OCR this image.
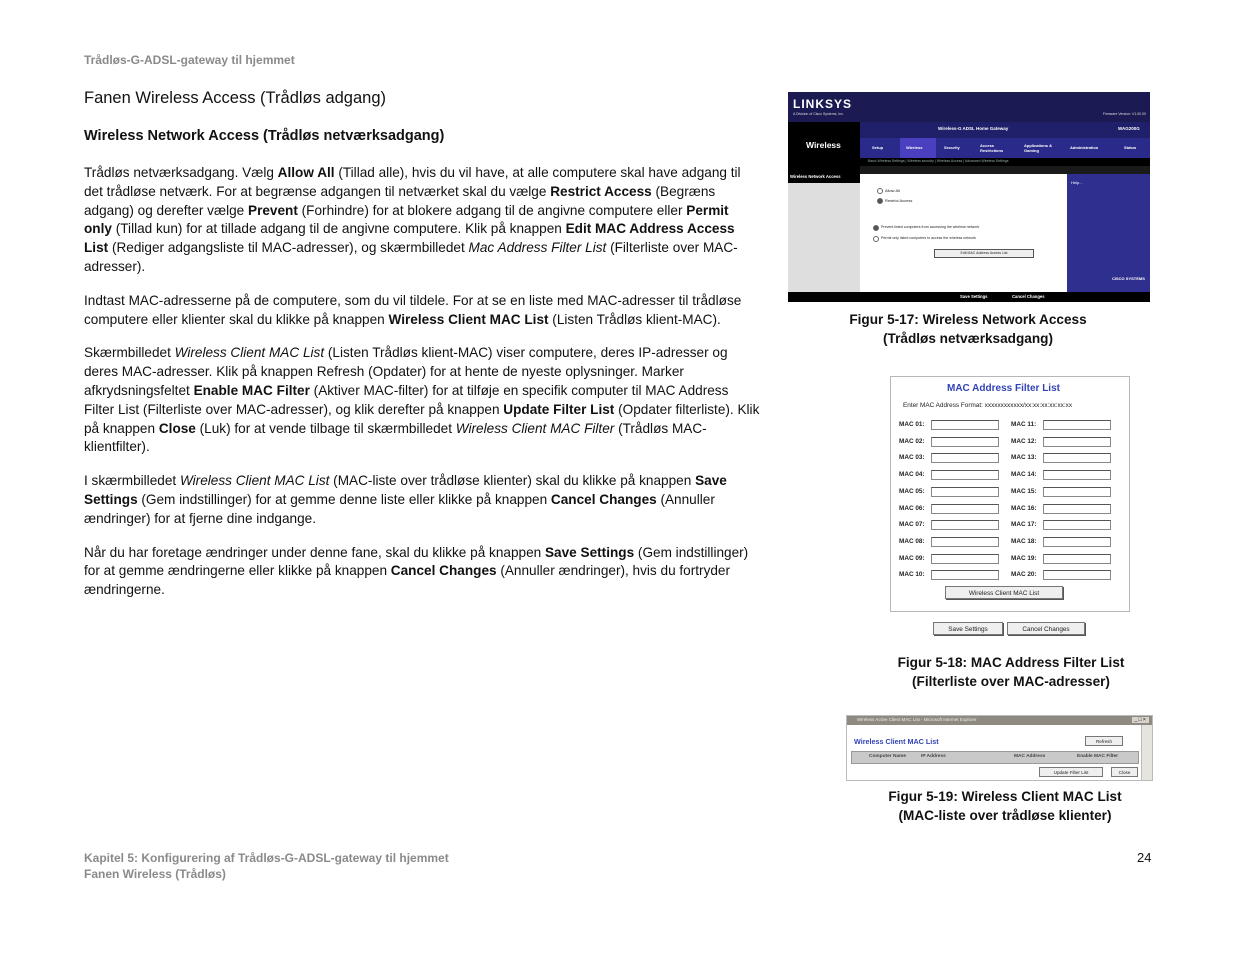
Trådløs-G-ADSL-gateway til hjemmet
Fanen Wireless Access (Trådløs adgang)
Wireless Network Access (Trådløs netværksadgang)

Trådløs netværksadgang. Vælg Allow All (Tillad alle), hvis du vil have, at alle computere skal have adgang til det trådløse netværk. For at begrænse adgangen til netværket skal du vælge Restrict Access (Begræns adgang) og derefter vælge Prevent (Forhindre) for at blokere adgang til de angivne computere eller Permit only (Tillad kun) for at tillade adgang til de angivne computere. Klik på knappen Edit MAC Address Access List (Rediger adgangsliste til MAC-adresser), og skærmbilledet Mac Address Filter List (Filterliste over MAC-adresser).

Indtast MAC-adresserne på de computere, som du vil tildele. For at se en liste med MAC-adresser til trådløse computere eller klienter skal du klikke på knappen Wireless Client MAC List (Listen Trådløs klient-MAC).

Skærmbilledet Wireless Client MAC List (Listen Trådløs klient-MAC) viser computere, deres IP-adresser og deres MAC-adresser. Klik på knappen Refresh (Opdater) for at hente de nyeste oplysninger. Marker afkrydsningsfeltet Enable MAC Filter (Aktiver MAC-filter) for at tilføje en specifik computer til MAC Address Filter List (Filterliste over MAC-adresser), og klik derefter på knappen Update Filter List (Opdater filterliste). Klik på knappen Close (Luk) for at vende tilbage til skærmbilledet Wireless Client MAC Filter (Trådløs MAC-klientfilter).

I skærmbilledet Wireless Client MAC List (MAC-liste over trådløse klienter) skal du klikke på knappen Save Settings (Gem indstillinger) for at gemme denne liste eller klikke på knappen Cancel Changes (Annuller ændringer) for at fjerne dine indgange.

Når du har foretage ændringer under denne fane, skal du klikke på knappen Save Settings (Gem indstillinger) for at gemme ændringerne eller klikke på knappen Cancel Changes (Annuller ændringer), hvis du fortryder ændringerne.

LINKSYS
A Division of Cisco Systems, Inc.	Firmware Version: V1.00.00
Wireless
Wireless-G ADSL Home Gateway	WAG200G
Setup	Wireless	Security	Access Restrictions
Applications & Gaming
Administration	Status
Basic Wireless Settings | Wireless security | Wireless Access | Advanced Wireless Settings
Wireless Network Access
Allow All
Restrict Access
Prevent listed computers from accessing the wireless network
Permit only listed computers to access the wireless network
Edit MAC Address Access List
Help...
CISCO SYSTEMS
Save Settings	Cancel Changes
Figur 5-17: Wireless Network Access
(Trådløs netværksadgang)
MAC Address Filter List
Enter MAC Address Format: xxxxxxxxxxxx/xx:xx:xx:xx:xx:xx
MAC 01:	MAC 11:
MAC 02:	MAC 12:
MAC 03:	MAC 13:
MAC 04:	MAC 14:
MAC 05:	MAC 15:
MAC 06:	MAC 16:
MAC 07:	MAC 17:
MAC 08:	MAC 18:
MAC 09:	MAC 19:
MAC 10:	MAC 20:
Wireless Client MAC List
Save Settings	Cancel Changes
Figur 5-18: MAC Address Filter List
(Filterliste over MAC-adresser)
Wireless Active Client MAC List - Microsoft Internet Explorer	_□×
Wireless Client MAC List	Refresh
Computer Name	IP Address	MAC Address	Enable MAC Filter
Update Filter List	Close
Figur 5-19: Wireless Client MAC List
(MAC-liste over trådløse klienter)
Kapitel 5: Konfigurering af Trådløs-G-ADSL-gateway til hjemmet
Fanen Wireless (Trådløs)
24
